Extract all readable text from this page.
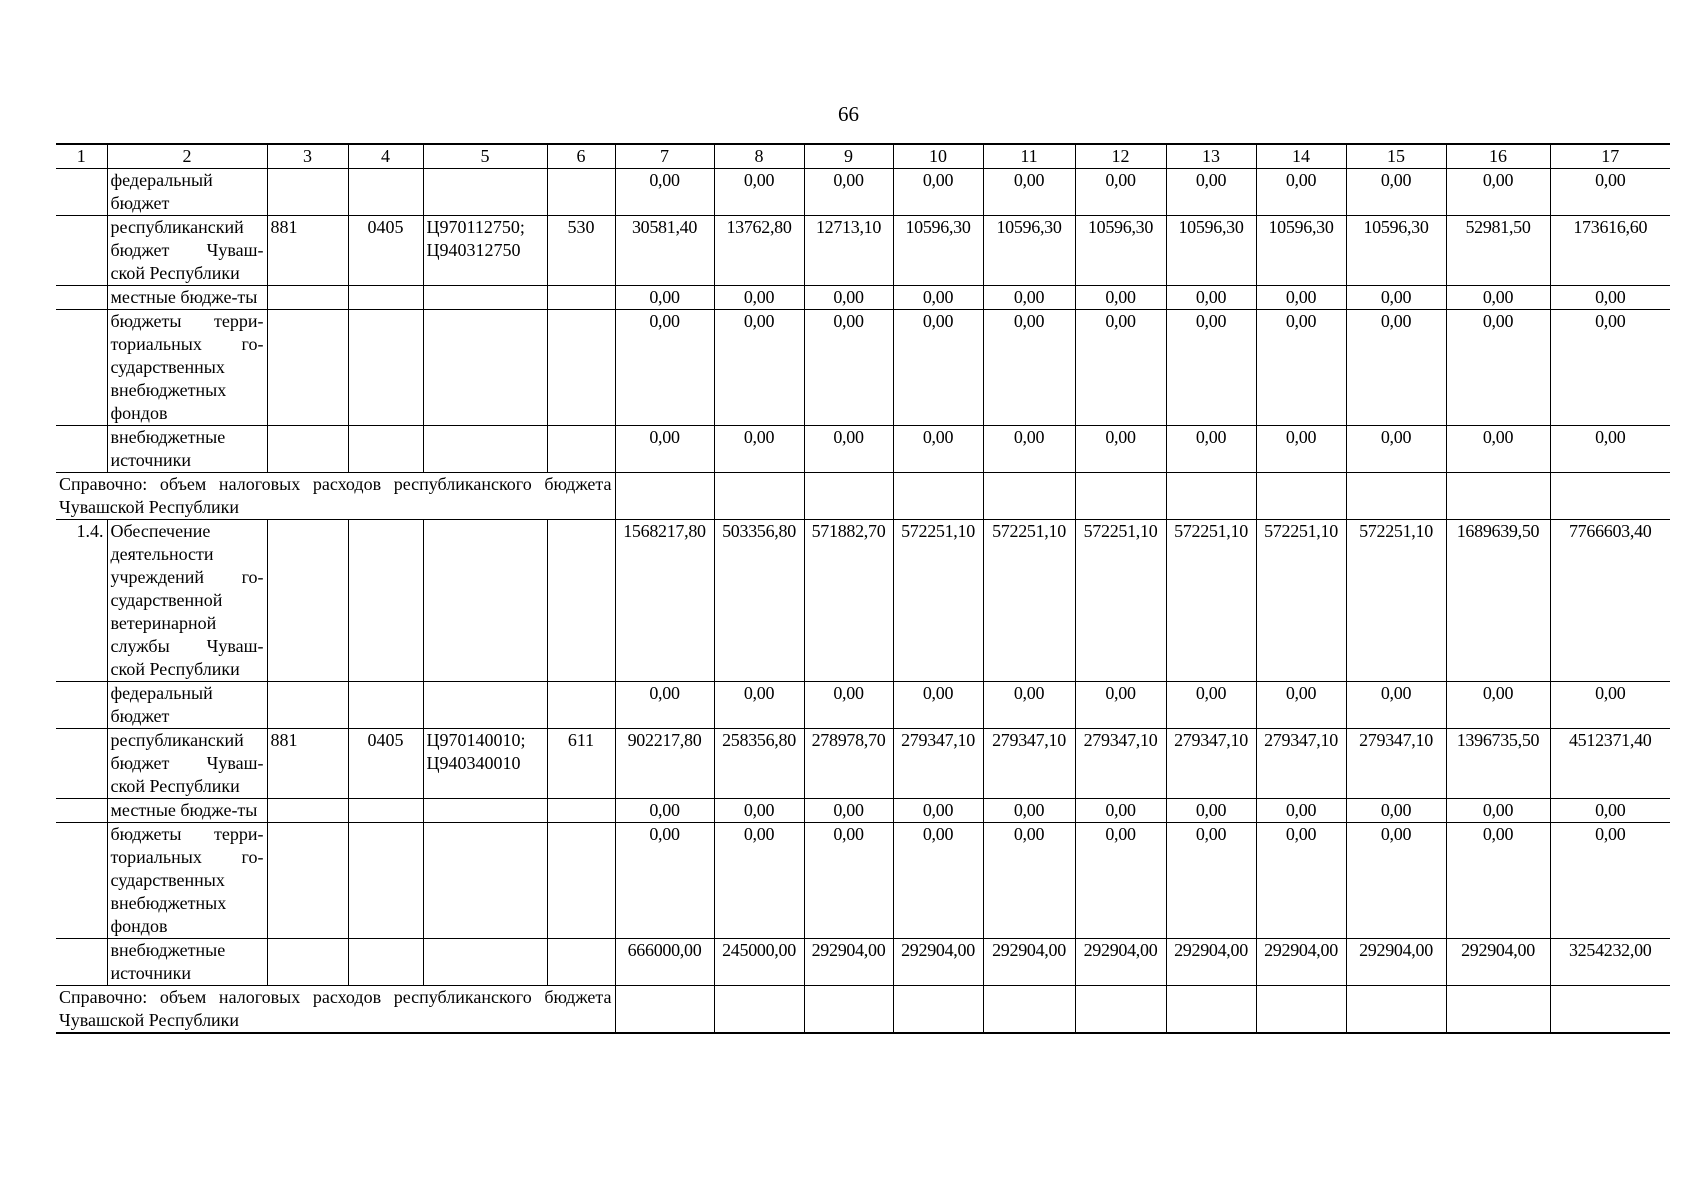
66
1	2	3	4	5	6	7	8	9	10	11	12	13	14	15	16	17
	федеральный бюджет					0,00	0,00	0,00	0,00	0,00	0,00	0,00	0,00	0,00	0,00	0,00
	республиканский бюджет Чуваш-ской Республики	881	0405	Ц970112750; Ц940312750	530	30581,40	13762,80	12713,10	10596,30	10596,30	10596,30	10596,30	10596,30	10596,30	52981,50	173616,60
	местные бюдже-ты					0,00	0,00	0,00	0,00	0,00	0,00	0,00	0,00	0,00	0,00	0,00
	бюджеты терри-ториальных го-сударственных внебюджетных фондов					0,00	0,00	0,00	0,00	0,00	0,00	0,00	0,00	0,00	0,00	0,00
	внебюджетные источники					0,00	0,00	0,00	0,00	0,00	0,00	0,00	0,00	0,00	0,00	0,00
Справочно: объем налоговых расходов республиканского бюджета Чувашской Республики																
1.4.	Обеспечение деятельности учреждений го-сударственной ветеринарной службы Чуваш-ской Республики					1568217,80	503356,80	571882,70	572251,10	572251,10	572251,10	572251,10	572251,10	572251,10	1689639,50	7766603,40
	федеральный бюджет					0,00	0,00	0,00	0,00	0,00	0,00	0,00	0,00	0,00	0,00	0,00
	республиканский бюджет Чуваш-ской Республики	881	0405	Ц970140010; Ц940340010	611	902217,80	258356,80	278978,70	279347,10	279347,10	279347,10	279347,10	279347,10	279347,10	1396735,50	4512371,40
	местные бюдже-ты					0,00	0,00	0,00	0,00	0,00	0,00	0,00	0,00	0,00	0,00	0,00
	бюджеты терри-ториальных го-сударственных внебюджетных фондов					0,00	0,00	0,00	0,00	0,00	0,00	0,00	0,00	0,00	0,00	0,00
	внебюджетные источники					666000,00	245000,00	292904,00	292904,00	292904,00	292904,00	292904,00	292904,00	292904,00	292904,00	3254232,00
Справочно: объем налоговых расходов республиканского бюджета Чувашской Республики																
